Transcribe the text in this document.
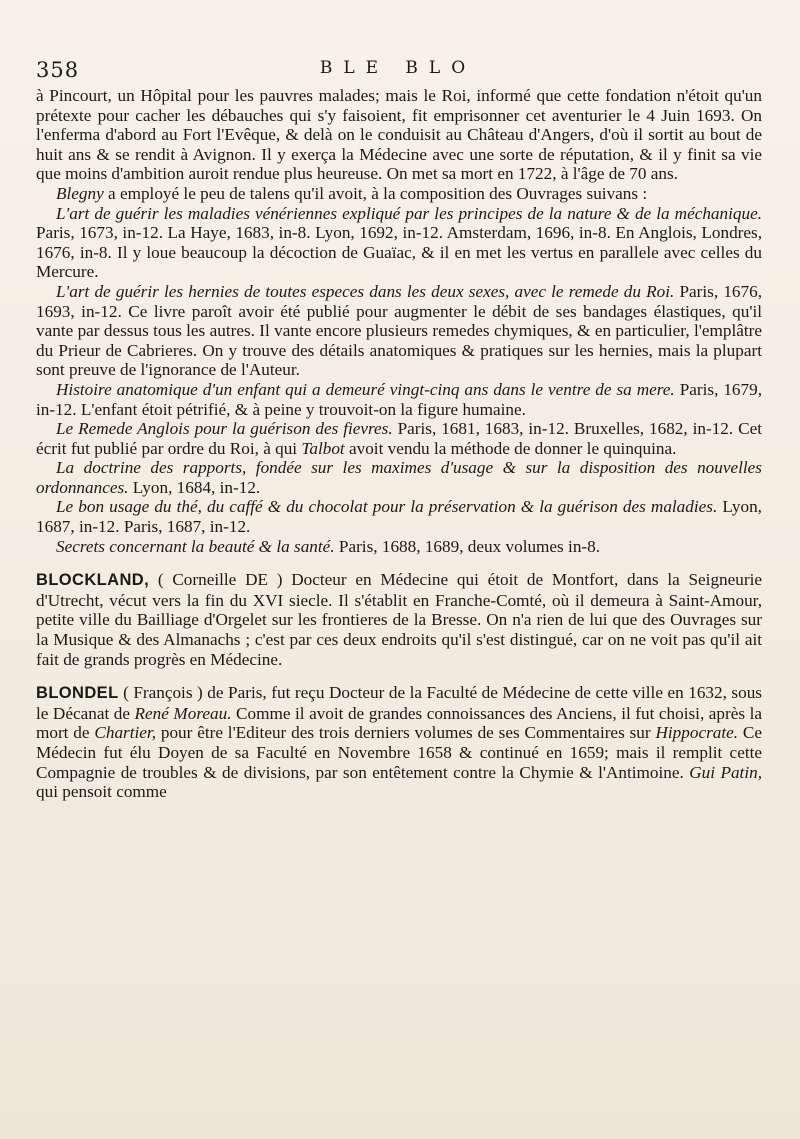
358	BLE BLO

à Pincourt, un Hôpital pour les pauvres malades; mais le Roi, informé que cette fondation n'étoit qu'un prétexte pour cacher les débauches qui s'y faisoient, fit emprisonner cet aventurier le 4 Juin 1693. On l'enferma d'abord au Fort l'Evêque, & delà on le conduisit au Château d'Angers, d'où il sortit au bout de huit ans & se rendit à Avignon. Il y exerça la Médecine avec une sorte de réputation, & il y finit sa vie que moins d'ambition auroit rendue plus heureuse. On met sa mort en 1722, à l'âge de 70 ans.

Blegny a employé le peu de talens qu'il avoit, à la composition des Ouvrages suivans :

L'art de guérir les maladies vénériennes expliqué par les principes de la nature & de la méchanique. Paris, 1673, in-12. La Haye, 1683, in-8. Lyon, 1692, in-12. Amsterdam, 1696, in-8. En Anglois, Londres, 1676, in-8. Il y loue beaucoup la décoction de Guaïac, & il en met les vertus en parallele avec celles du Mercure.

L'art de guérir les hernies de toutes especes dans les deux sexes, avec le remede du Roi. Paris, 1676, 1693, in-12. Ce livre paroît avoir été publié pour augmenter le débit de ses bandages élastiques, qu'il vante par dessus tous les autres. Il vante encore plusieurs remedes chymiques, & en particulier, l'emplâtre du Prieur de Cabrieres. On y trouve des détails anatomiques & pratiques sur les hernies, mais la plupart sont preuve de l'ignorance de l'Auteur.

Histoire anatomique d'un enfant qui a demeuré vingt-cinq ans dans le ventre de sa mere. Paris, 1679, in-12. L'enfant étoit pétrifié, & à peine y trouvoit-on la figure humaine.

Le Remede Anglois pour la guérison des fievres. Paris, 1681, 1683, in-12. Bruxelles, 1682, in-12. Cet écrit fut publié par ordre du Roi, à qui Talbot avoit vendu la méthode de donner le quinquina.

La doctrine des rapports, fondée sur les maximes d'usage & sur la disposition des nouvelles ordonnances. Lyon, 1684, in-12.

Le bon usage du thé, du caffé & du chocolat pour la préservation & la guérison des maladies. Lyon, 1687, in-12. Paris, 1687, in-12.

Secrets concernant la beauté & la santé. Paris, 1688, 1689, deux volumes in-8.

BLOCKLAND, ( Corneille DE ) Docteur en Médecine qui étoit de Montfort, dans la Seigneurie d'Utrecht, vécut vers la fin du XVI siecle. Il s'établit en Franche-Comté, où il demeura à Saint-Amour, petite ville du Bailliage d'Orgelet sur les frontieres de la Bresse. On n'a rien de lui que des Ouvrages sur la Musique & des Almanachs ; c'est par ces deux endroits qu'il s'est distingué, car on ne voit pas qu'il ait fait de grands progrès en Médecine.

BLONDEL ( François ) de Paris, fut reçu Docteur de la Faculté de Médecine de cette ville en 1632, sous le Décanat de René Moreau. Comme il avoit de grandes connoissances des Anciens, il fut choisi, après la mort de Chartier, pour être l'Editeur des trois derniers volumes de ses Commentaires sur Hippocrate. Ce Médecin fut élu Doyen de sa Faculté en Novembre 1658 & continué en 1659; mais il remplit cette Compagnie de troubles & de divisions, par son entêtement contre la Chymie & l'Antimoine. Gui Patin, qui pensoit comme
